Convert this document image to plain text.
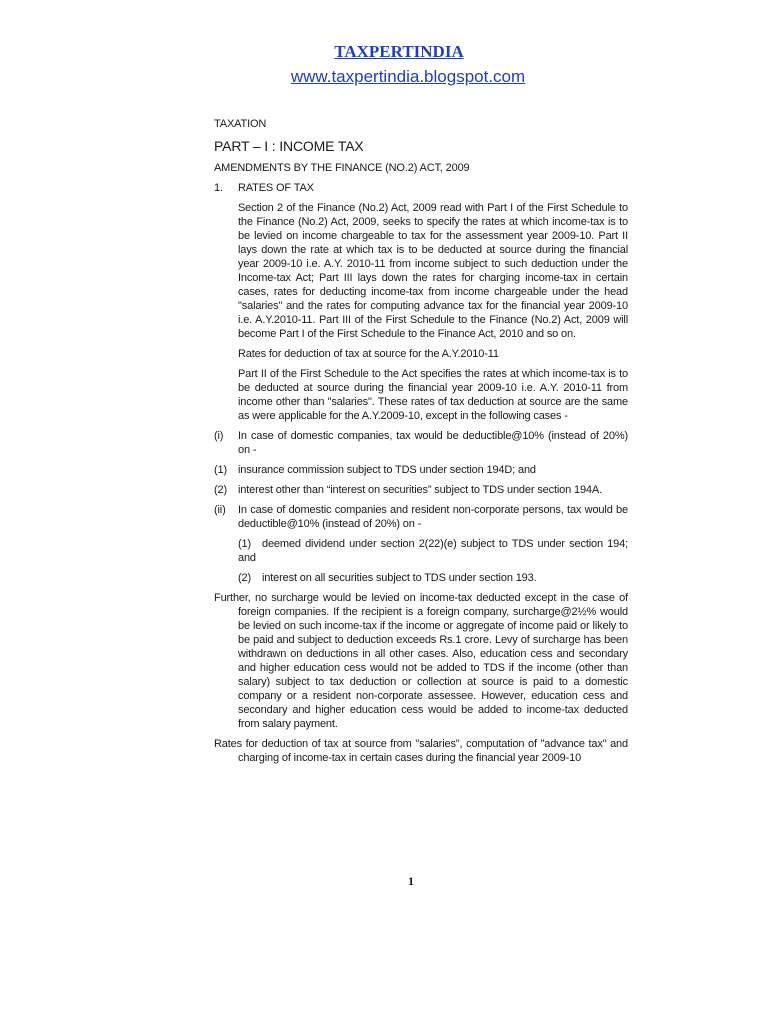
TAXPERTINDIA
www.taxpertindia.blogspot.com
TAXATION
PART – I : INCOME TAX
AMENDMENTS BY THE FINANCE (NO.2) ACT, 2009
1.	RATES OF TAX
Section 2 of the Finance (No.2) Act, 2009 read with Part I of the First Schedule to the Finance (No.2) Act, 2009, seeks to specify the rates at which income-tax is to be levied on income chargeable to tax for the assessment year 2009-10. Part II lays down the rate at which tax is to be deducted at source during the financial year 2009-10 i.e. A.Y. 2010-11 from income subject to such deduction under the Income-tax Act; Part III lays down the rates for charging income-tax in certain cases, rates for deducting income-tax from income chargeable under the head "salaries" and the rates for computing advance tax for the financial year 2009-10 i.e. A.Y.2010-11. Part III of the First Schedule to the Finance (No.2) Act, 2009 will become Part I of the First Schedule to the Finance Act, 2010 and so on.
Rates for deduction of tax at source for the A.Y.2010-11
Part II of the First Schedule to the Act specifies the rates at which income-tax is to be deducted at source during the financial year 2009-10 i.e. A.Y. 2010-11 from income other than "salaries". These rates of tax deduction at source are the same as were applicable for the A.Y.2009-10, except in the following cases -
(i)	In case of domestic companies, tax would be deductible@10% (instead of 20%) on -
(1)	insurance commission subject to TDS under section 194D; and
(2)	interest other than “interest on securities” subject to TDS under section 194A.
(ii)	In case of domestic companies and resident non-corporate persons, tax would be deductible@10% (instead of 20%) on -
(1) deemed dividend under section 2(22)(e) subject to TDS under section 194; and
(2) interest on all securities subject to TDS under section 193.
Further, no surcharge would be levied on income-tax deducted except in the case of foreign companies. If the recipient is a foreign company, surcharge@2½% would be levied on such income-tax if the income or aggregate of income paid or likely to be paid and subject to deduction exceeds Rs.1 crore. Levy of surcharge has been withdrawn on deductions in all other cases. Also, education cess and secondary and higher education cess would not be added to TDS if the income (other than salary) subject to tax deduction or collection at source is paid to a domestic company or a resident non-corporate assessee. However, education cess and secondary and higher education cess would be added to income-tax deducted from salary payment.
Rates for deduction of tax at source from "salaries", computation of "advance tax" and charging of income-tax in certain cases during the financial year 2009-10
1
